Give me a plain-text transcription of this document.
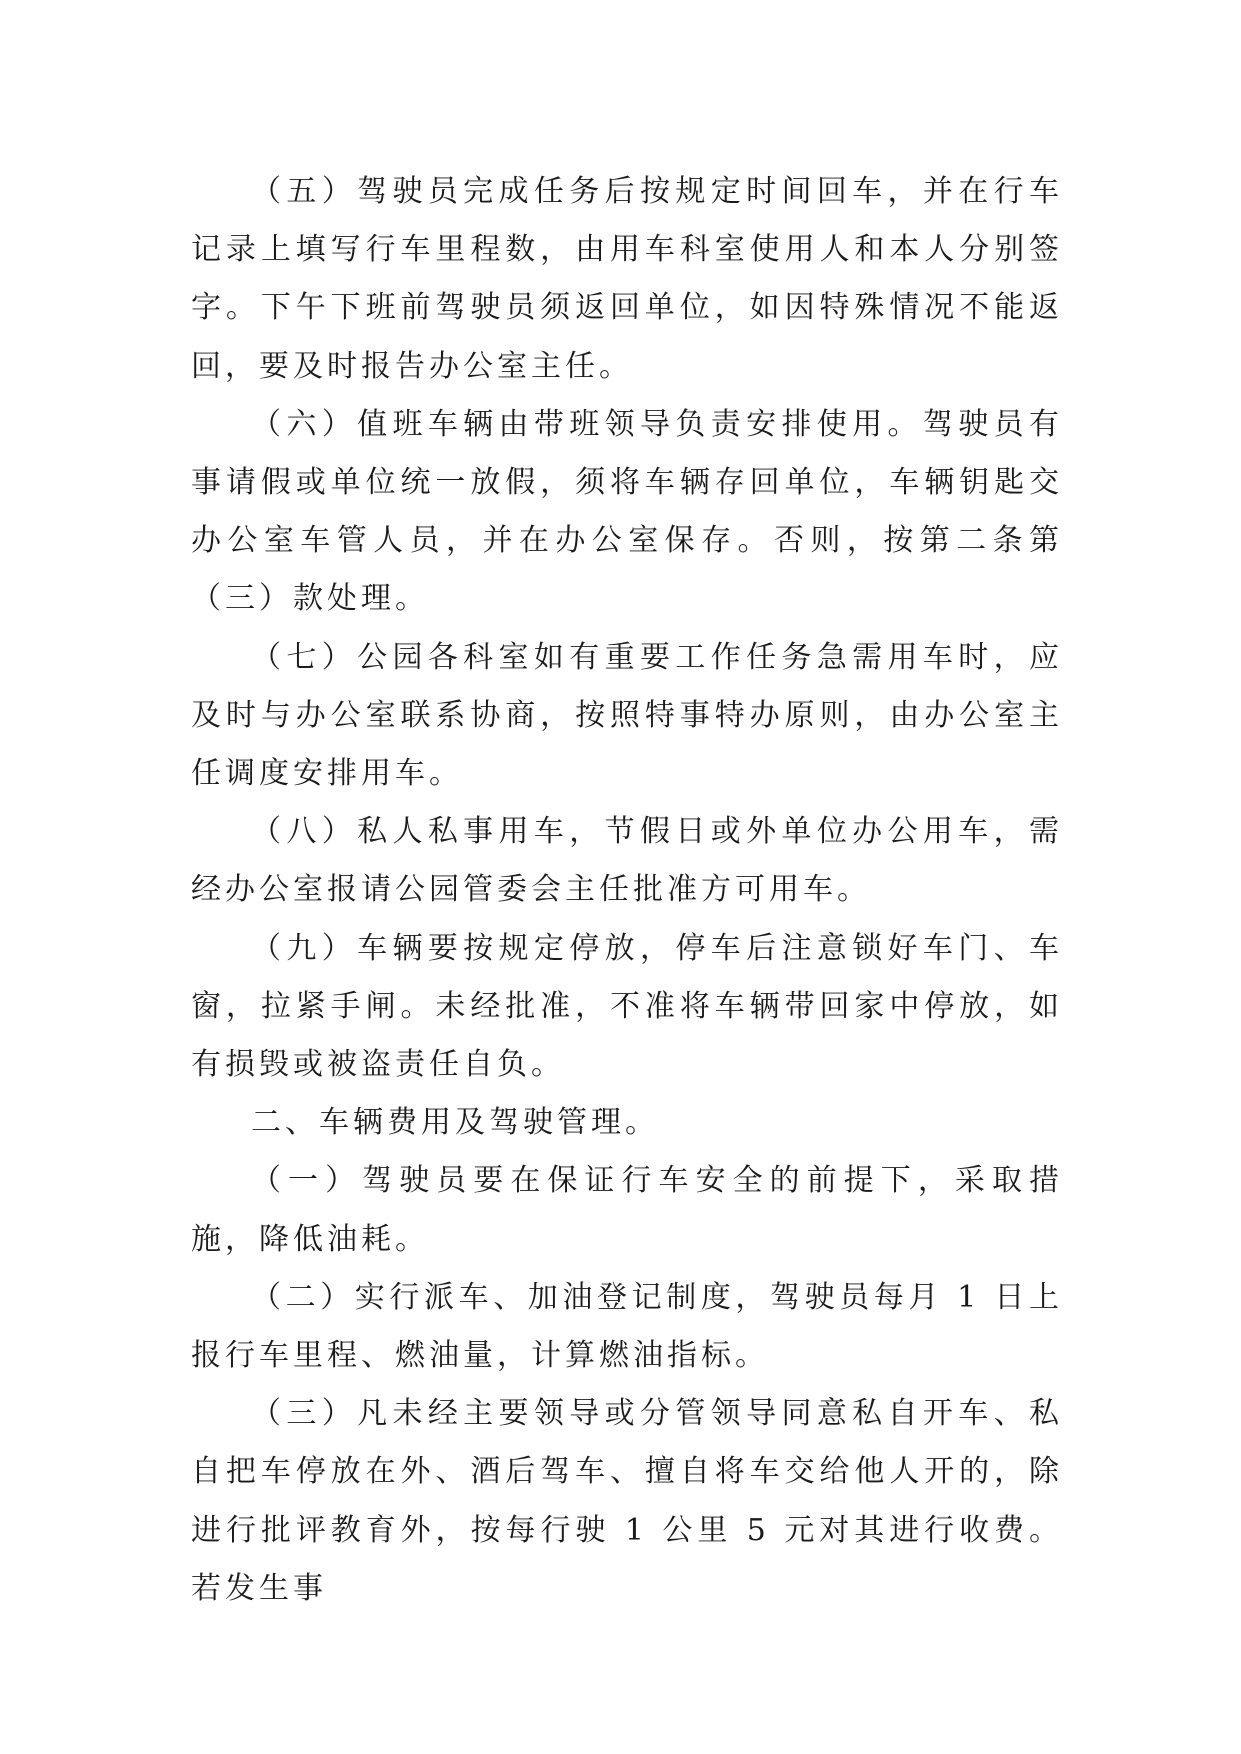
（五）驾驶员完成任务后按规定时间回车，并在行车记录上填写行车里程数，由用车科室使用人和本人分别签字。下午下班前驾驶员须返回单位，如因特殊情况不能返回，要及时报告办公室主任。

（六）值班车辆由带班领导负责安排使用。驾驶员有事请假或单位统一放假，须将车辆存回单位，车辆钥匙交办公室车管人员，并在办公室保存。否则，按第二条第（三）款处理。

（七）公园各科室如有重要工作任务急需用车时，应及时与办公室联系协商，按照特事特办原则，由办公室主任调度安排用车。

（八）私人私事用车，节假日或外单位办公用车，需经办公室报请公园管委会主任批准方可用车。

（九）车辆要按规定停放，停车后注意锁好车门、车窗，拉紧手闸。未经批准，不准将车辆带回家中停放，如有损毁或被盗责任自负。

二、车辆费用及驾驶管理。

（一）驾驶员要在保证行车安全的前提下，采取措施，降低油耗。

（二）实行派车、加油登记制度，驾驶员每月 1 日上报行车里程、燃油量，计算燃油指标。

（三）凡未经主要领导或分管领导同意私自开车、私自把车停放在外、酒后驾车、擅自将车交给他人开的，除进行批评教育外，按每行驶 1 公里 5 元对其进行收费。若发生事
